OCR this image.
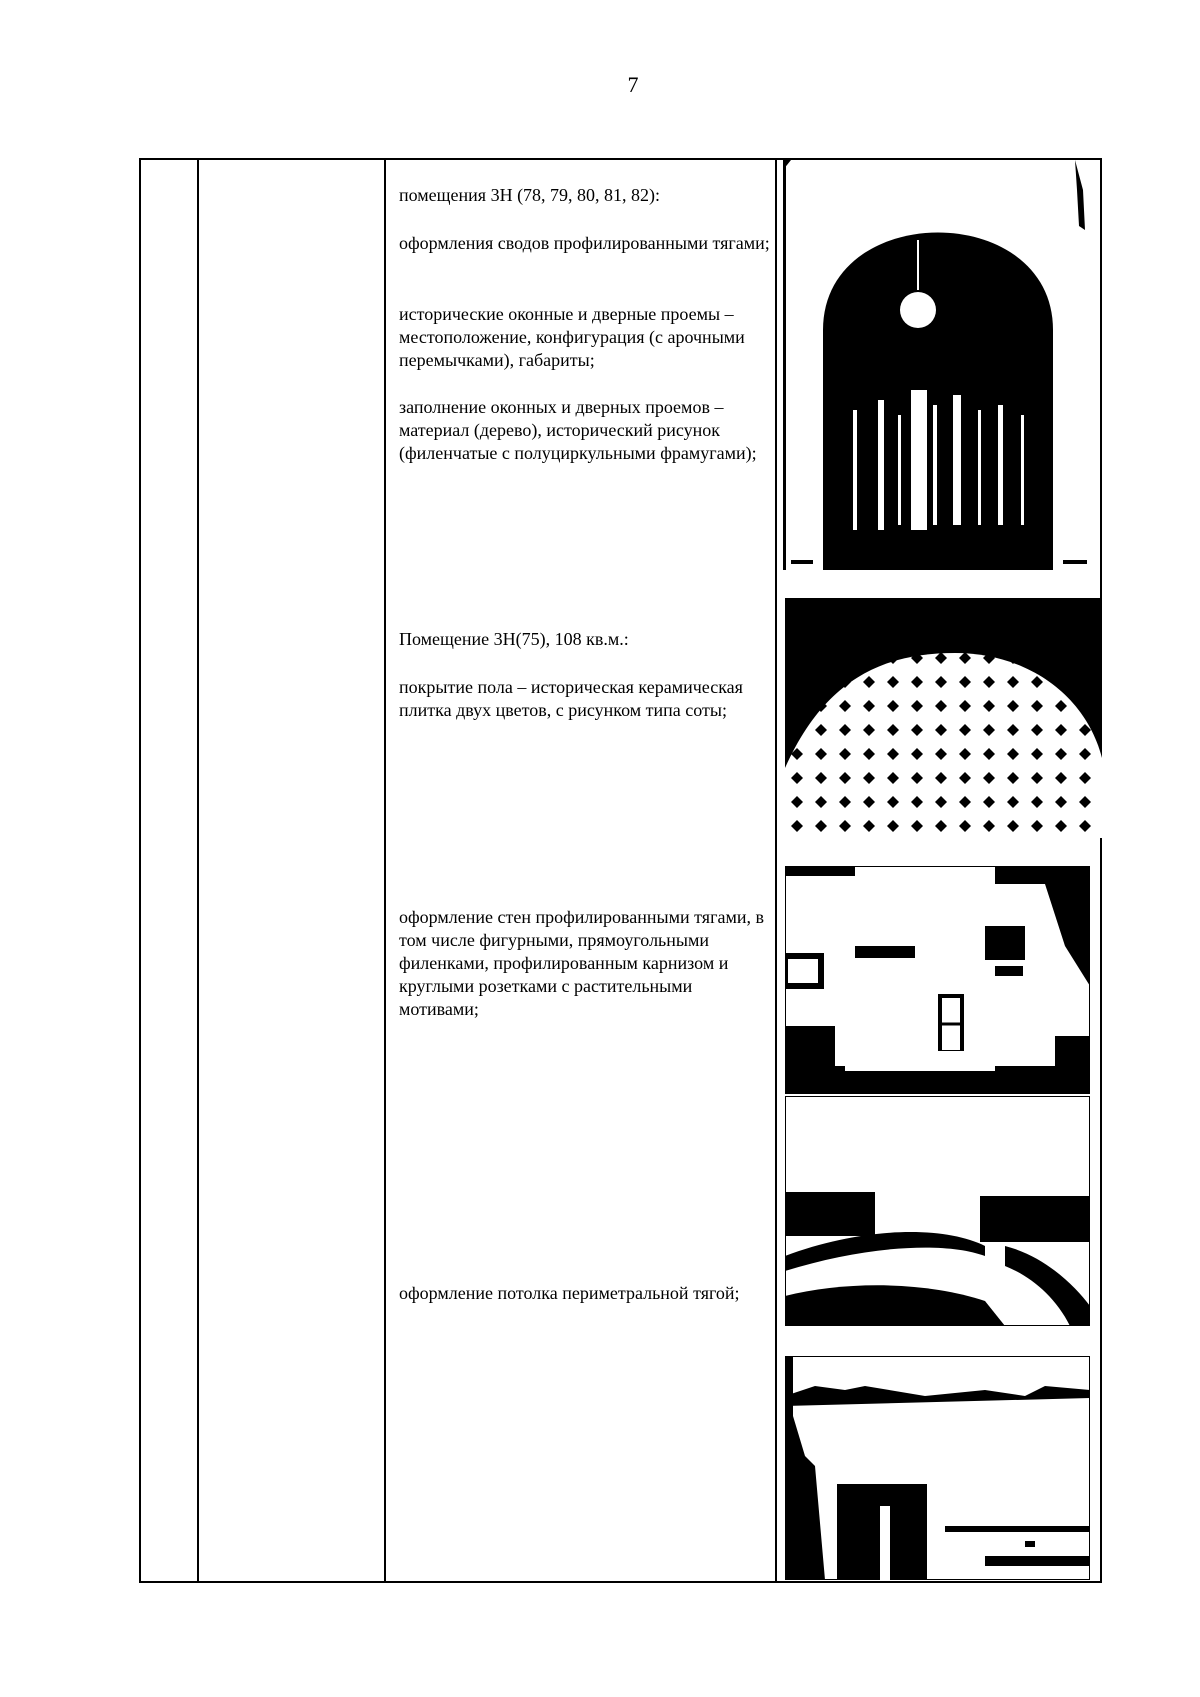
7

помещения 3Н (78, 79, 80, 81, 82):

оформления сводов профилированными тягами;

исторические оконные и дверные проемы – местоположение, конфигурация (с арочными перемычками), габариты;

заполнение оконных и дверных проемов – материал (дерево), исторический рисунок (филенчатые с полуциркульными фрамугами);

Помещение 3Н(75), 108 кв.м.:

покрытие пола – историческая керамическая плитка двух цветов, с рисунком типа соты;

оформление стен профилированными тягами, в том числе фигурными, прямоугольными филенками, профилированным карнизом и круглыми розетками с растительными мотивами;

оформление потолка периметральной тягой;
